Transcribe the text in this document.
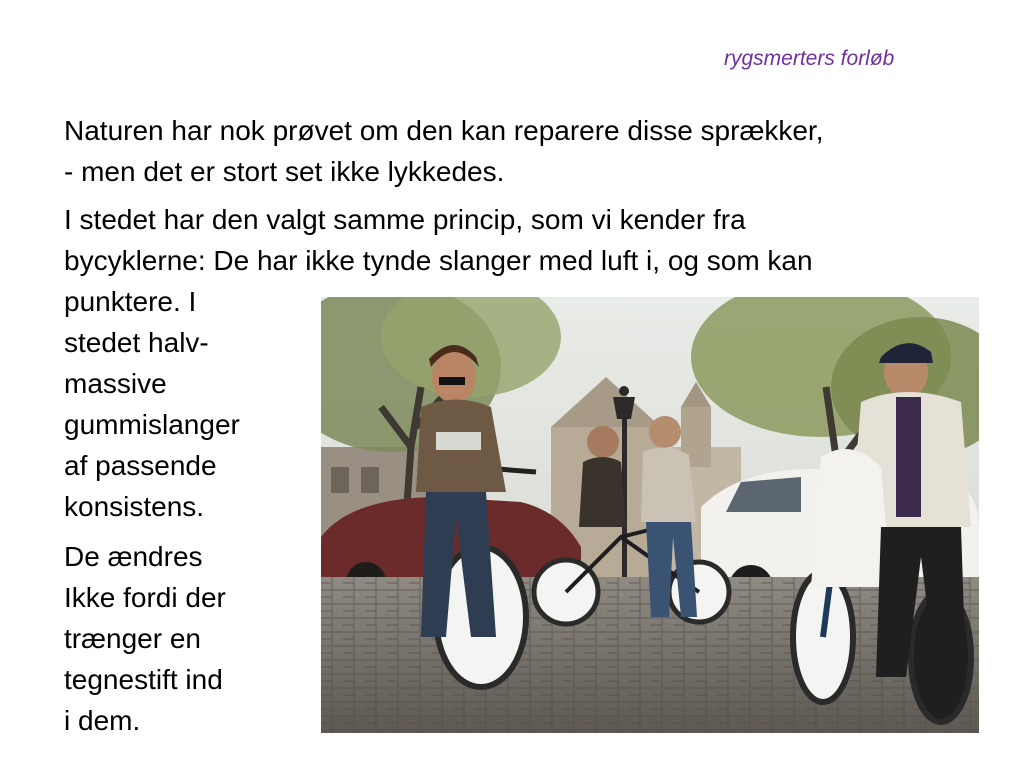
rygsmerters forløb
Naturen har nok prøvet om den kan reparere disse sprækker,
- men det er stort set ikke lykkedes.
I stedet har den valgt samme princip, som vi kender fra
bycyklerne: De har ikke tynde slanger med luft i, og som kan
punktere. I
stedet halv-
massive
gummislanger
af passende
konsistens.
De ændres
Ikke fordi der
trænger en
tegnestift ind
i dem.
